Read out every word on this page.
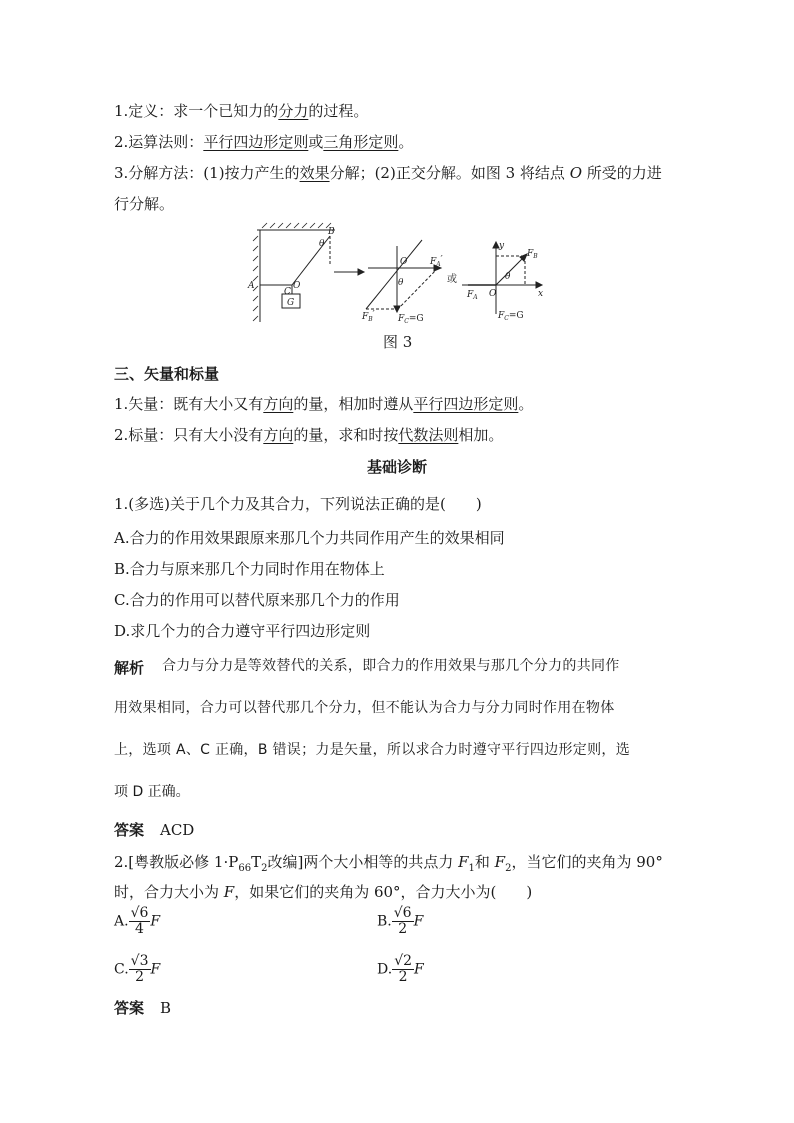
1.定义：求一个已知力的分力的过程。
2.运算法则：平行四边形定则或三角形定则。
3.分解方法：(1)按力产生的效果分解；(2)正交分解。如图 3 将结点 O 所受的力进
行分解。
A
C
O
B
θ
G
O
θ
$F_A'$
$F_B'$	$F_C=G$
或
x
y
$F_B$
θ
O
$F_A$
$F_C=G$
图 3
三、矢量和标量
1.矢量：既有大小又有方向的量，相加时遵从平行四边形定则。
2.标量：只有大小没有方向的量，求和时按代数法则相加。
基础诊断
1.(多选)关于几个力及其合力，下列说法正确的是(　　)
A.合力的作用效果跟原来那几个力共同作用产生的效果相同
B.合力与原来那几个力同时作用在物体上
C.合力的作用可以替代原来那几个力的作用
D.求几个力的合力遵守平行四边形定则
解析 合力与分力是等效替代的关系，即合力的作用效果与那几个分力的共同作
用效果相同，合力可以替代那几个分力，但不能认为合力与分力同时作用在物体
上，选项 A、C 正确，B 错误；力是矢量，所以求合力时遵守平行四边形定则，选
项 D 正确。
答案 ACD
2.[粤教版必修 $1\cdot P_{66}T_2$改编]两个大小相等的共点力 $F_1$和 $F_2$，当它们的夹角为 90°
时，合力大小为 F，如果它们的夹角为 60°，合力大小为(　　)
A. $\frac{√6}{4}$ F	B. $\frac{√6}{2}$ F
C. $\frac{√3}{2}$ F	D. $\frac{√2}{2}$ F
答案 B
